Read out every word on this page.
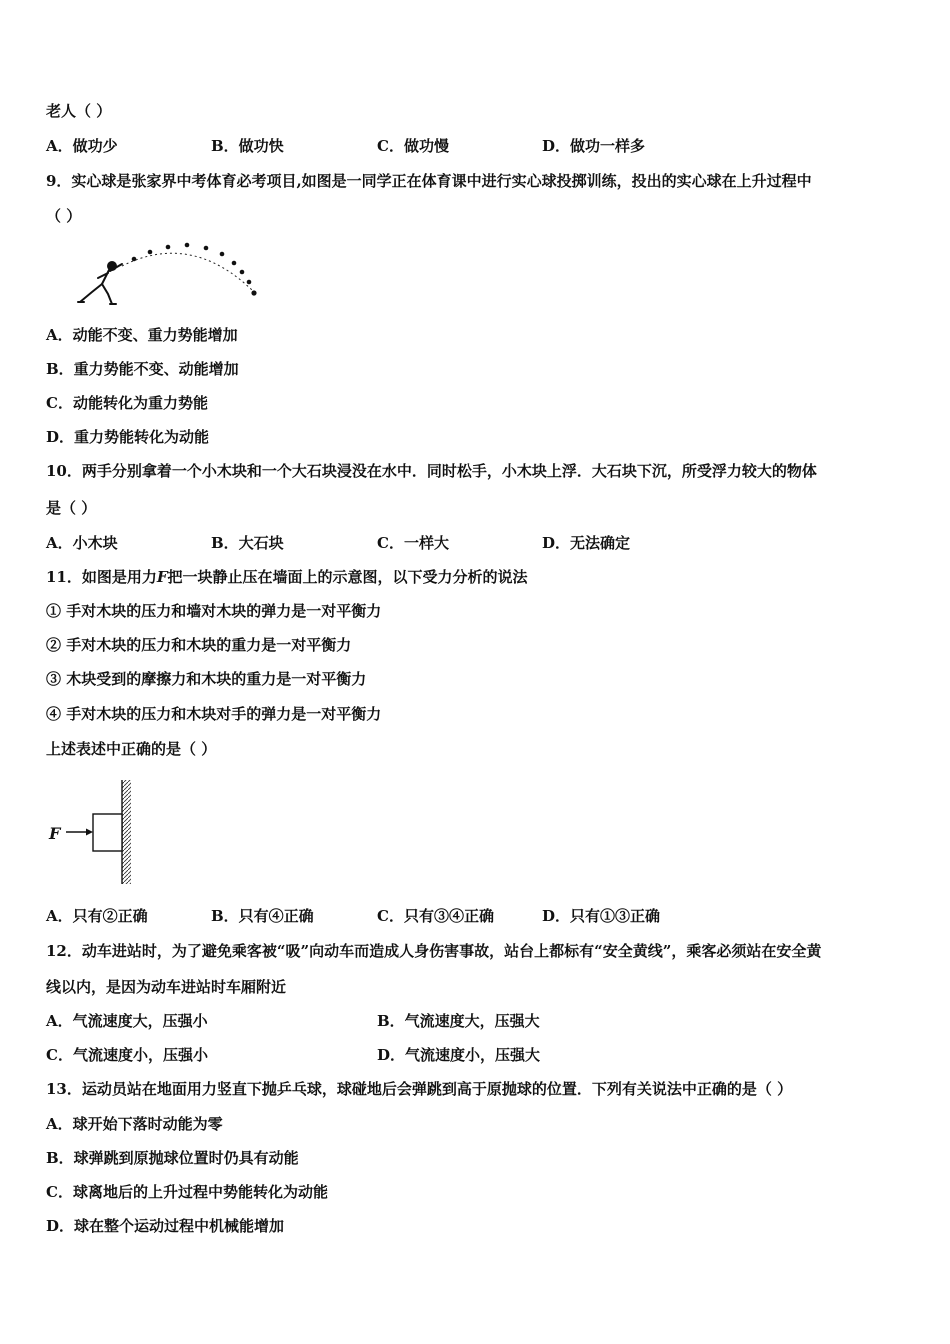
老人（ ）
A．做功少	B．做功快	C．做功慢	D．做功一样多
9．实心球是张家界中考体育必考项目,如图是一同学正在体育课中进行实心球投掷训练，投出的实心球在上升过程中
（ ）
A．动能不变、重力势能增加
B．重力势能不变、动能增加
C．动能转化为重力势能
D．重力势能转化为动能
10．两手分别拿着一个小木块和一个大石块浸没在水中．同时松手，小木块上浮．大石块下沉，所受浮力较大的物体
是（ ）
A．小木块	B．大石块	C．一样大	D．无法确定
11．如图是用力F把一块静止压在墙面上的示意图，以下受力分析的说法
① 手对木块的压力和墙对木块的弹力是一对平衡力
② 手对木块的压力和木块的重力是一对平衡力
③ 木块受到的摩擦力和木块的重力是一对平衡力
④ 手对木块的压力和木块对手的弹力是一对平衡力
上述表述中正确的是（ ）
F
A．只有②正确	B．只有④正确	C．只有③④正确	D．只有①③正确
12．动车进站时，为了避免乘客被“吸”向动车而造成人身伤害事故，站台上都标有“安全黄线”，乘客必须站在安全黄
线以内，是因为动车进站时车厢附近
A．气流速度大，压强小	B．气流速度大，压强大
C．气流速度小，压强小	D．气流速度小，压强大
13．运动员站在地面用力竖直下抛乒乓球，球碰地后会弹跳到高于原抛球的位置．下列有关说法中正确的是（ ）
A．球开始下落时动能为零
B．球弹跳到原抛球位置时仍具有动能
C．球离地后的上升过程中势能转化为动能
D．球在整个运动过程中机械能增加
